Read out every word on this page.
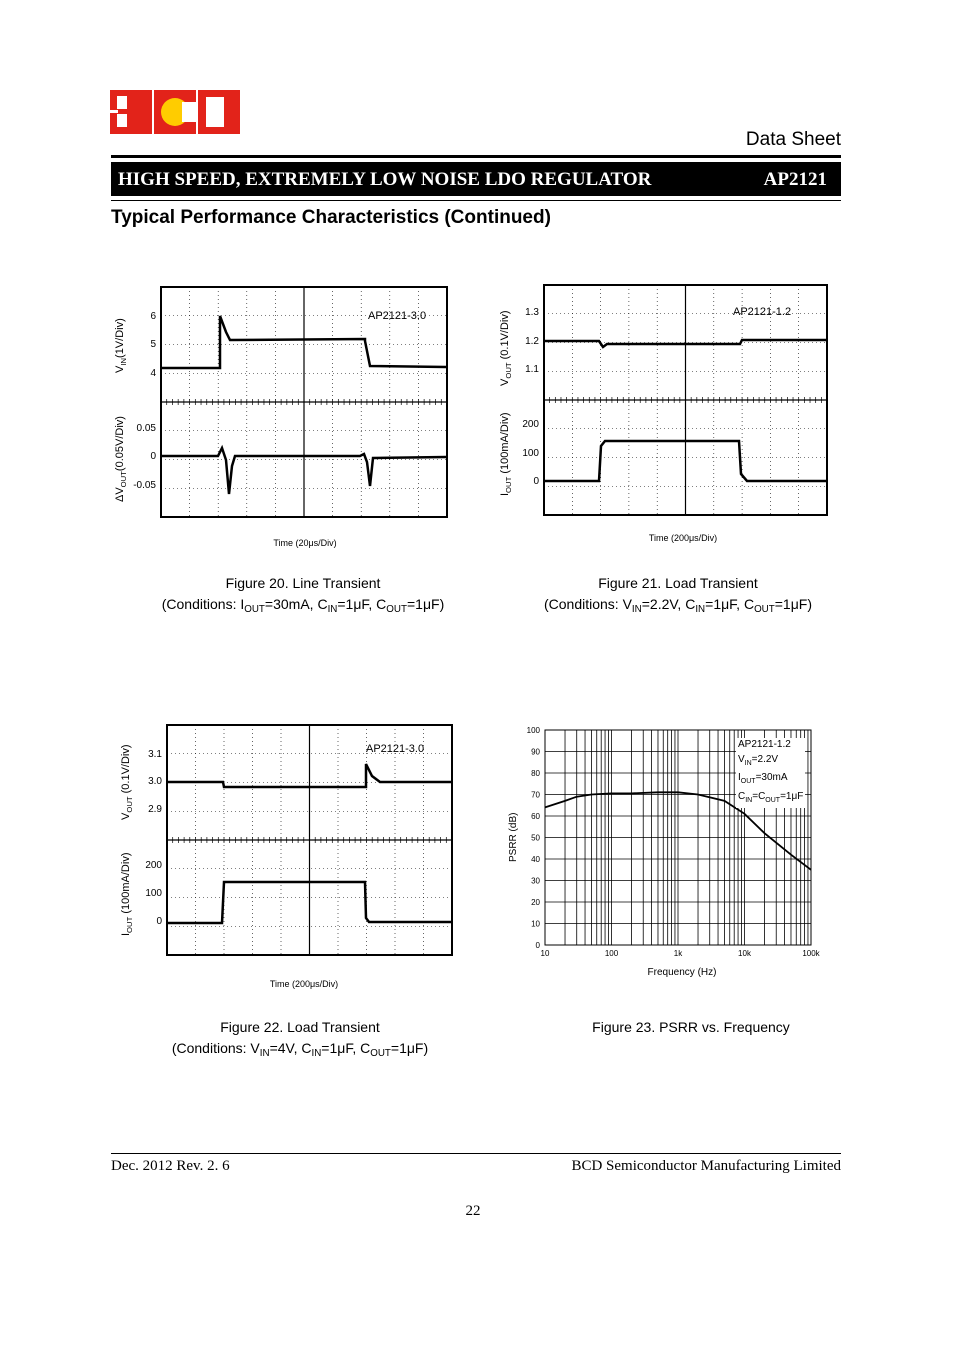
Data Sheet
HIGH SPEED, EXTREMELY LOW NOISE LDO REGULATOR	AP2121
Typical Performance Characteristics (Continued)
$V_{IN}(1V/Div)$
$\Delta V_{OUT}(0.05V/Div)$
6
5
4
0.05
0
-0.05
AP2121-3.0
Time (20μs/Div)
Figure 20. Line Transient
(Conditions: $I_{OUT}=30mA$, $C_{IN}=1\mu F$, $C_{OUT}=1\mu F$)
$V_{OUT}$ (0.1V/Div)
$I_{OUT}$ (100mA/Div)
1.3
1.2
1.1
200
100
0
AP2121-1.2
Time (200μs/Div)
Figure 21. Load Transient
(Conditions: $V_{IN}=2.2V$, $C_{IN}=1\mu F$, $C_{OUT}=1\mu F$)
$V_{OUT}$ (0.1V/Div)
$I_{OUT}$ (100mA/Div)
3.1
3.0
2.9
200
100
0
AP2121-3.0
Time (200μs/Div)
Figure 22. Load Transient
(Conditions: $V_{IN}=4V$, $C_{IN}=1\mu F$, $C_{OUT}=1\mu F$)
PSRR (dB)
0
10
20
30
40
50
60
70
80
90
100
10	100	1k	10k	100k
AP2121-1.2
$V_{IN}=2.2V$
$I_{OUT}=30mA$
$C_{IN}=C_{OUT}=1\mu F$
Frequency (Hz)
Figure 23. PSRR vs. Frequency
Dec. 2012 Rev. 2. 6	BCD Semiconductor Manufacturing Limited
22
